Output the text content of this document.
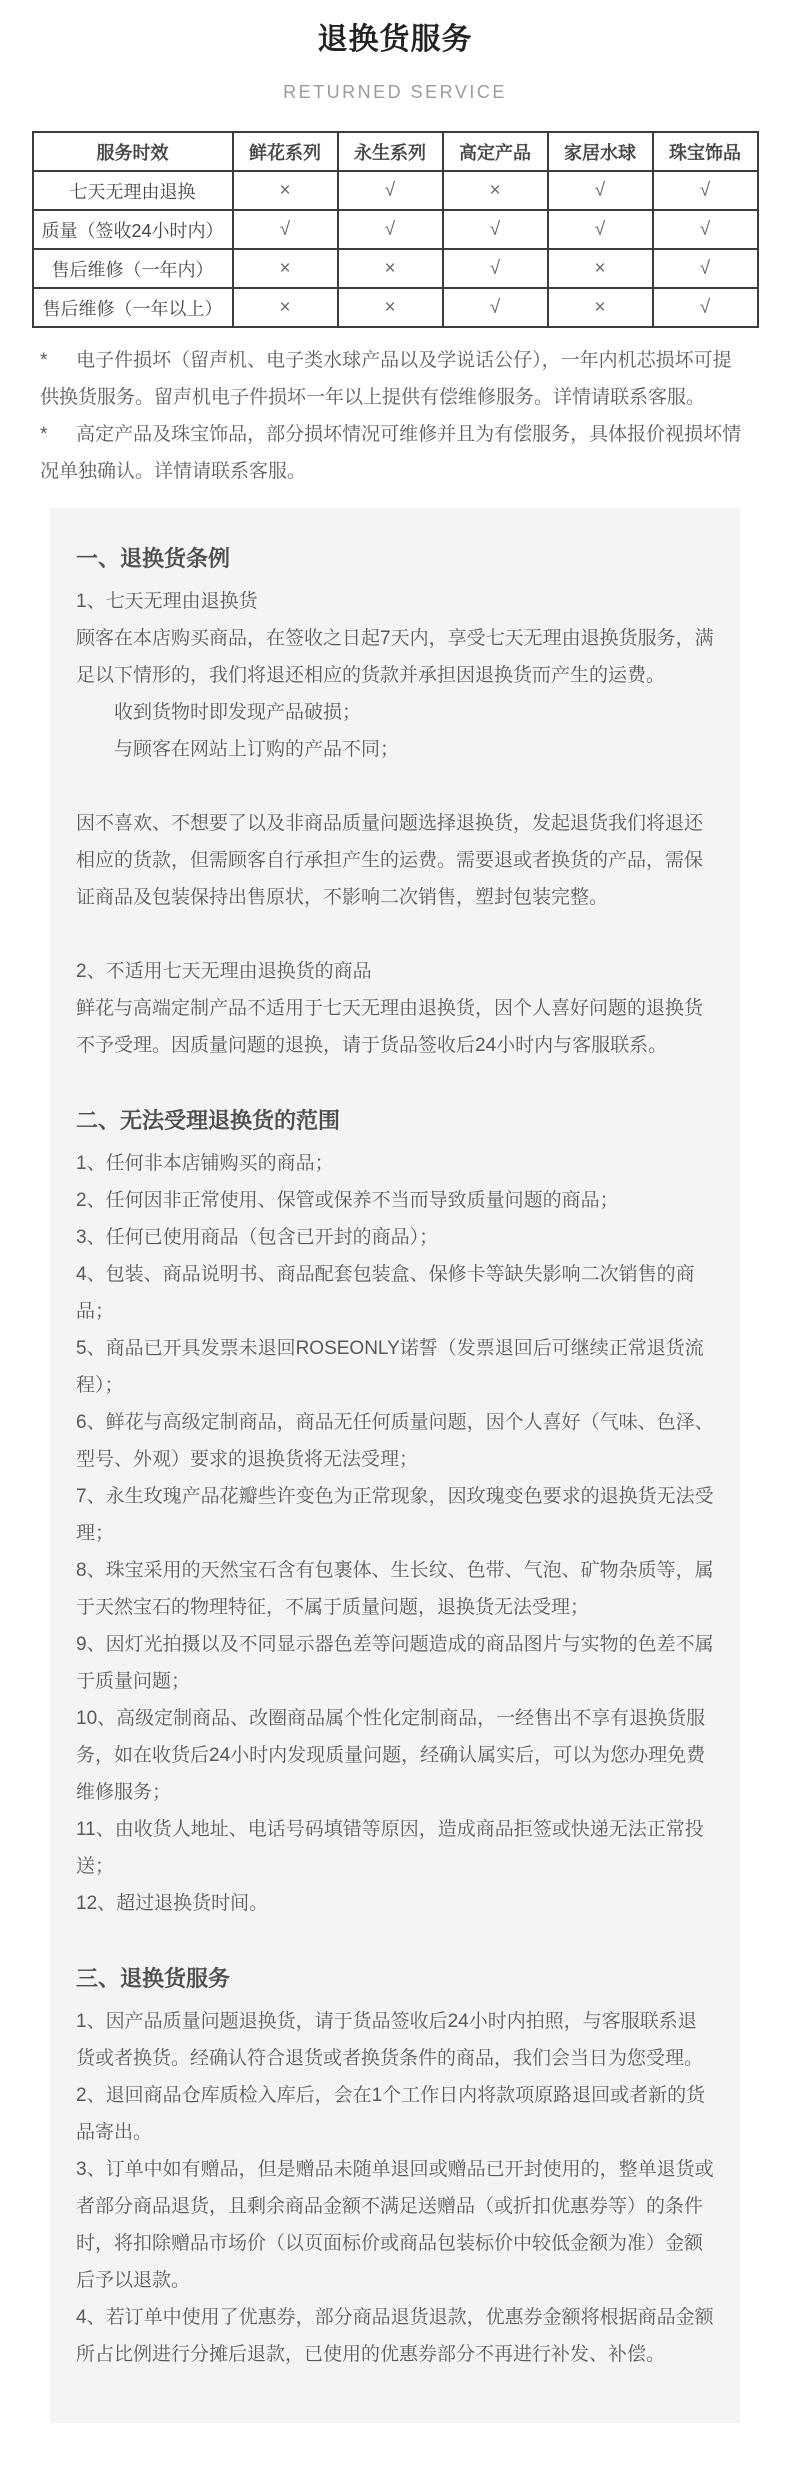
退换货服务
RETURNED SERVICE
服务时效	鲜花系列	永生系列	高定产品	家居水球	珠宝饰品
七天无理由退换	×	√	×	√	√
质量（签收24小时内）	√	√	√	√	√
售后维修（一年内）	×	×	√	×	√
售后维修（一年以上）	×	×	√	×	√

* 电子件损坏（留声机、电子类水球产品以及学说话公仔），一年内机芯损坏可提供换货服务。留声机电子件损坏一年以上提供有偿维修服务。详情请联系客服。

* 高定产品及珠宝饰品，部分损坏情况可维修并且为有偿服务，具体报价视损坏情况单独确认。详情请联系客服。

一、退换货条例

1、七天无理由退换货

顾客在本店购买商品，在签收之日起7天内，享受七天无理由退换货服务，满足以下情形的，我们将退还相应的货款并承担因退换货而产生的运费。

收到货物时即发现产品破损；

与顾客在网站上订购的产品不同；

因不喜欢、不想要了以及非商品质量问题选择退换货，发起退货我们将退还相应的货款，但需顾客自行承担产生的运费。需要退或者换货的产品，需保证商品及包装保持出售原状，不影响二次销售，塑封包装完整。

2、不适用七天无理由退换货的商品

鲜花与高端定制产品不适用于七天无理由退换货，因个人喜好问题的退换货不予受理。因质量问题的退换，请于货品签收后24小时内与客服联系。

二、无法受理退换货的范围

1、任何非本店铺购买的商品；

2、任何因非正常使用、保管或保养不当而导致质量问题的商品；

3、任何已使用商品（包含已开封的商品）；

4、包装、商品说明书、商品配套包装盒、保修卡等缺失影响二次销售的商品；

5、商品已开具发票未退回ROSEONLY诺誓（发票退回后可继续正常退货流程）；

6、鲜花与高级定制商品，商品无任何质量问题，因个人喜好（气味、色泽、型号、外观）要求的退换货将无法受理；

7、永生玫瑰产品花瓣些许变色为正常现象，因玫瑰变色要求的退换货无法受理；

8、珠宝采用的天然宝石含有包裹体、生长纹、色带、气泡、矿物杂质等，属于天然宝石的物理特征，不属于质量问题，退换货无法受理；

9、因灯光拍摄以及不同显示器色差等问题造成的商品图片与实物的色差不属于质量问题；

10、高级定制商品、改圈商品属个性化定制商品，一经售出不享有退换货服务，如在收货后24小时内发现质量问题，经确认属实后，可以为您办理免费维修服务；

11、由收货人地址、电话号码填错等原因，造成商品拒签或快递无法正常投送；

12、超过退换货时间。

三、退换货服务

1、因产品质量问题退换货，请于货品签收后24小时内拍照，与客服联系退货或者换货。经确认符合退货或者换货条件的商品，我们会当日为您受理。

2、退回商品仓库质检入库后，会在1个工作日内将款项原路退回或者新的货品寄出。

3、订单中如有赠品，但是赠品未随单退回或赠品已开封使用的，整单退货或者部分商品退货，且剩余商品金额不满足送赠品（或折扣优惠券等）的条件时，将扣除赠品市场价（以页面标价或商品包装标价中较低金额为准）金额后予以退款。

4、若订单中使用了优惠券，部分商品退货退款，优惠券金额将根据商品金额所占比例进行分摊后退款，已使用的优惠券部分不再进行补发、补偿。
